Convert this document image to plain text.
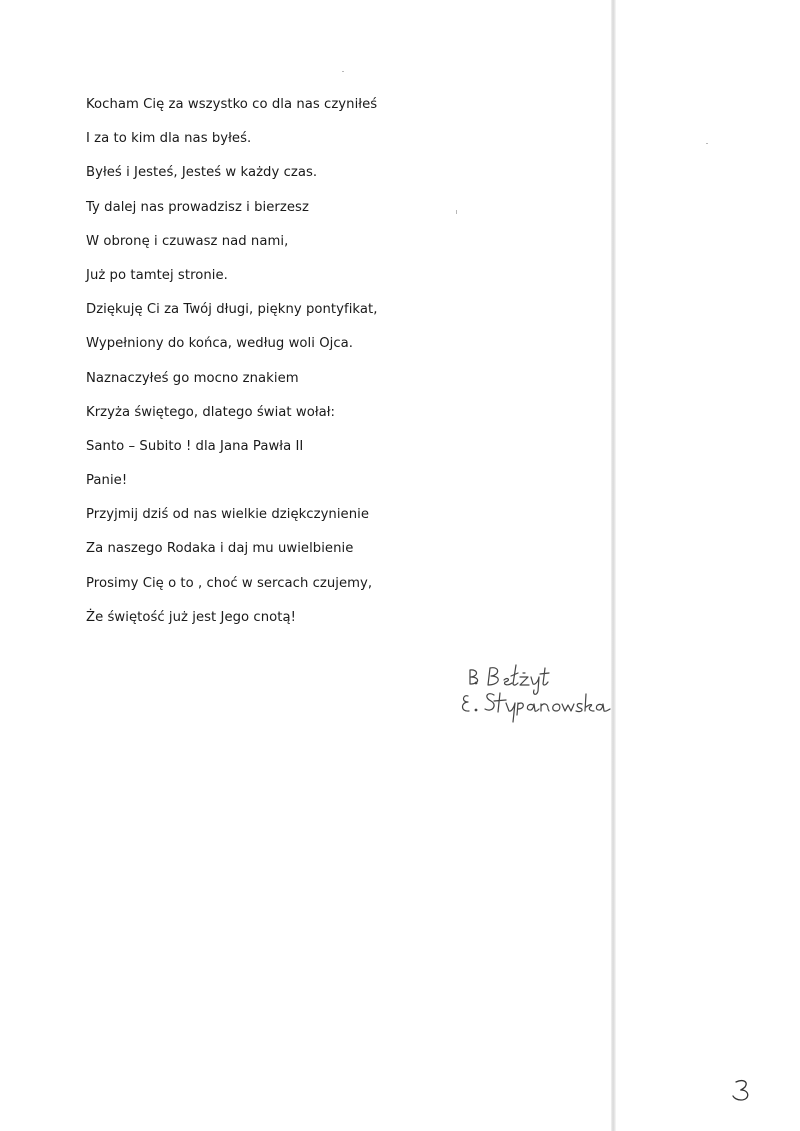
Kocham Cię za wszystko co dla nas czyniłeś
I za to kim dla nas byłeś.
Byłeś i Jesteś, Jesteś w każdy czas.
Ty dalej nas prowadzisz i bierzesz
W obronę i czuwasz nad nami,
Już po tamtej stronie.
Dziękuję Ci za Twój długi, piękny pontyfikat,
Wypełniony do końca, według woli Ojca.
Naznaczyłeś go mocno znakiem
Krzyża świętego, dlatego świat wołał:
Santo – Subito ! dla Jana Pawła II
Panie!
Przyjmij dziś od nas wielkie dziękczynienie
Za naszego Rodaka i daj mu uwielbienie
Prosimy Cię o to , choć w sercach czujemy,
Że świętość już jest Jego cnotą!
